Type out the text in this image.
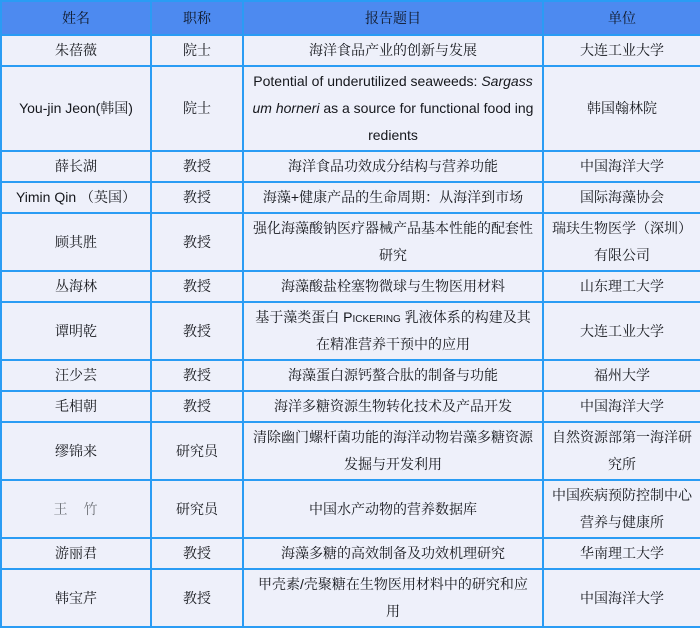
姓名	职称	报告题目	单位
朱蓓薇	院士	海洋食品产业的创新与发展	大连工业大学
You-jin Jeon(韩国)	院士	Potential of underutilized seaweeds: Sargassum horneri as a source for functional food ingredients	韩国翰林院
薛长湖	教授	海洋食品功效成分结构与营养功能	中国海洋大学
Yimin Qin （英国）	教授	海藻+健康产品的生命周期：从海洋到市场	国际海藻协会
顾其胜	教授	强化海藻酸钠医疗器械产品基本性能的配套性研究	瑞玞生物医学（深圳）有限公司
丛海林	教授	海藻酸盐栓塞物微球与生物医用材料	山东理工大学
谭明乾	教授	基于藻类蛋白 Pickering 乳液体系的构建及其在精准营养干预中的应用	大连工业大学
汪少芸	教授	海藻蛋白源钙螯合肽的制备与功能	福州大学
毛相朝	教授	海洋多糖资源生物转化技术及产品开发	中国海洋大学
缪锦来	研究员	清除幽门螺杆菌功能的海洋动物岩藻多糖资源发掘与开发利用	自然资源部第一海洋研究所
王　竹	研究员	中国水产动物的营养数据库	中国疾病预防控制中心营养与健康所
游丽君	教授	海藻多糖的高效制备及功效机理研究	华南理工大学
韩宝芹	教授	甲壳素/壳聚糖在生物医用材料中的研究和应用	中国海洋大学
